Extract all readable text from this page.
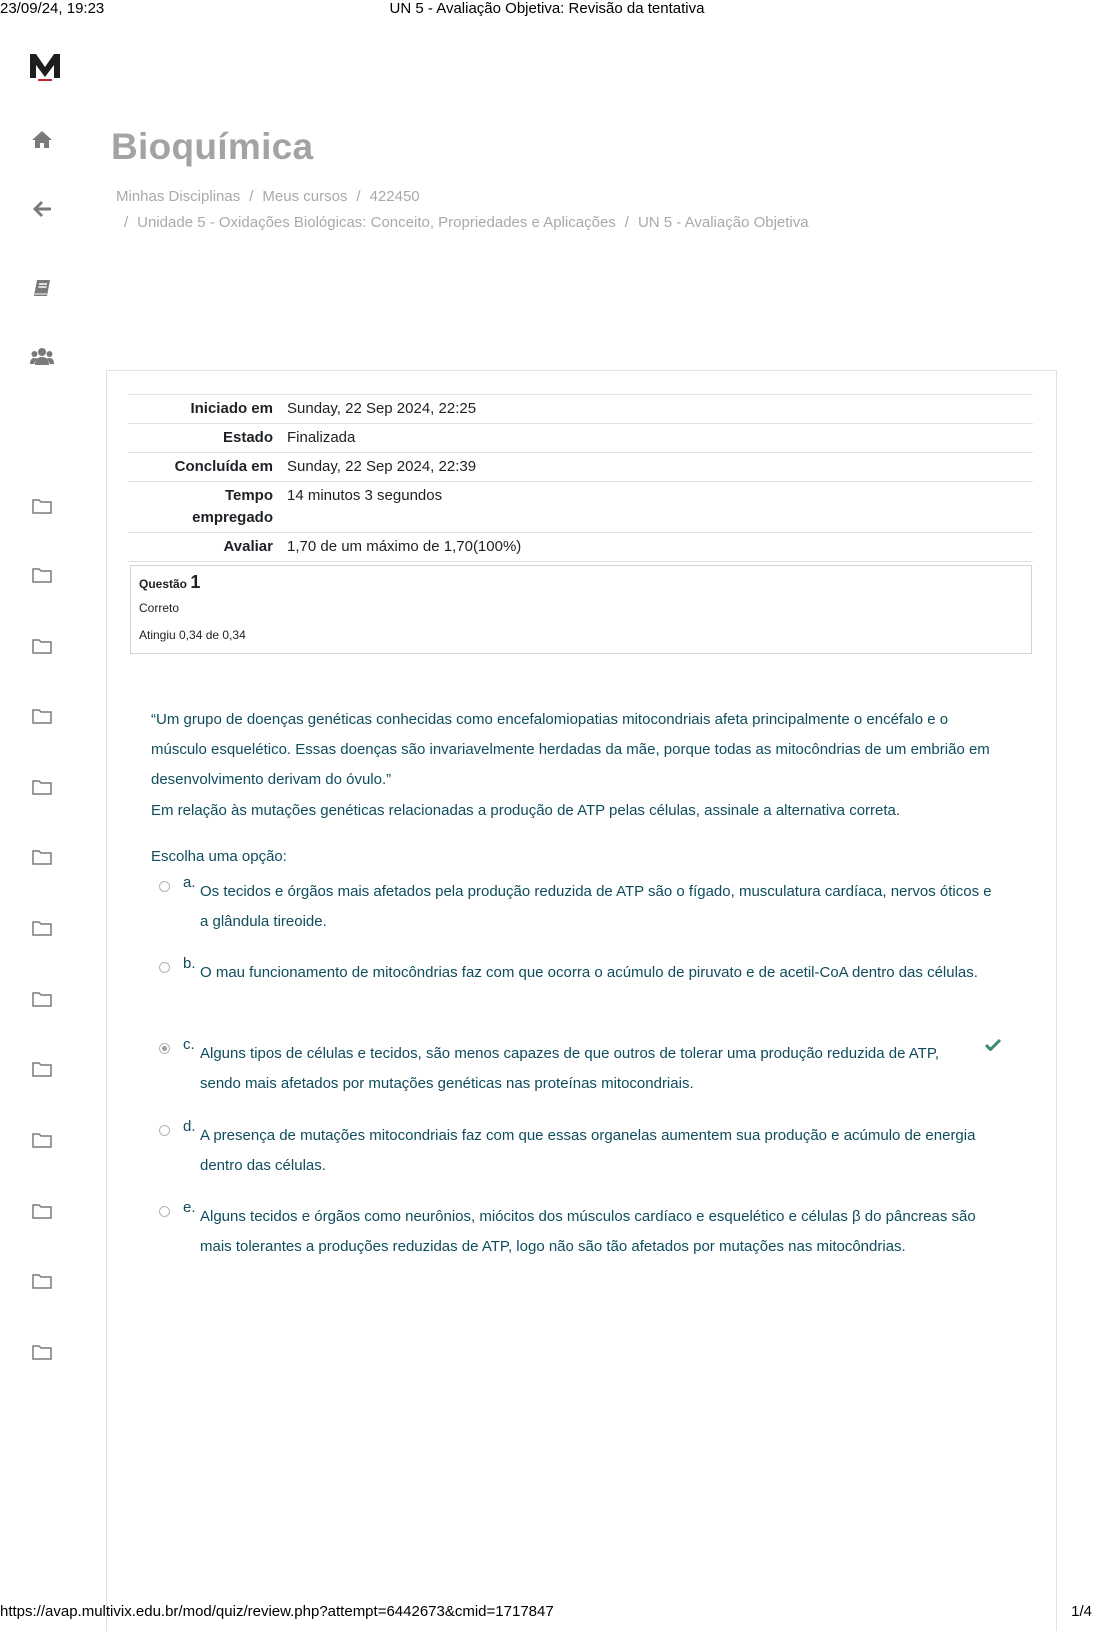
23/09/24, 19:23	UN 5 - Avaliação Objetiva: Revisão da tentativa
Bioquímica
Minhas Disciplinas / Meus cursos / 422450
/ Unidade 5 - Oxidações Biológicas: Conceito, Propriedades e Aplicações / UN 5 - Avaliação Objetiva
Iniciado em	Sunday, 22 Sep 2024, 22:25
Estado	Finalizada
Concluída em	Sunday, 22 Sep 2024, 22:39
Tempo empregado	14 minutos 3 segundos
Avaliar	1,70 de um máximo de 1,70(100%)
Questão 1
Correto
Atingiu 0,34 de 0,34
“Um grupo de doenças genéticas conhecidas como encefalomiopatias mitocondriais afeta principalmente o encéfalo e o músculo esquelético. Essas doenças são invariavelmente herdadas da mãe, porque todas as mitocôndrias de um embrião em desenvolvimento derivam do óvulo.”
Em relação às mutações genéticas relacionadas a produção de ATP pelas células, assinale a alternativa correta.
Escolha uma opção:
a.
Os tecidos e órgãos mais afetados pela produção reduzida de ATP são o fígado, musculatura cardíaca, nervos óticos e a glândula tireoide.
b.
O mau funcionamento de mitocôndrias faz com que ocorra o acúmulo de piruvato e de acetil-CoA dentro das células.
c.
Alguns tipos de células e tecidos, são menos capazes de que outros de tolerar uma produção reduzida de ATP, sendo mais afetados por mutações genéticas nas proteínas mitocondriais.
d.
A presença de mutações mitocondriais faz com que essas organelas aumentem sua produção e acúmulo de energia dentro das células.
e.
Alguns tecidos e órgãos como neurônios, miócitos dos músculos cardíaco e esquelético e células β do pâncreas são mais tolerantes a produções reduzidas de ATP, logo não são tão afetados por mutações nas mitocôndrias.
https://avap.multivix.edu.br/mod/quiz/review.php?attempt=6442673&cmid=1717847	1/4
